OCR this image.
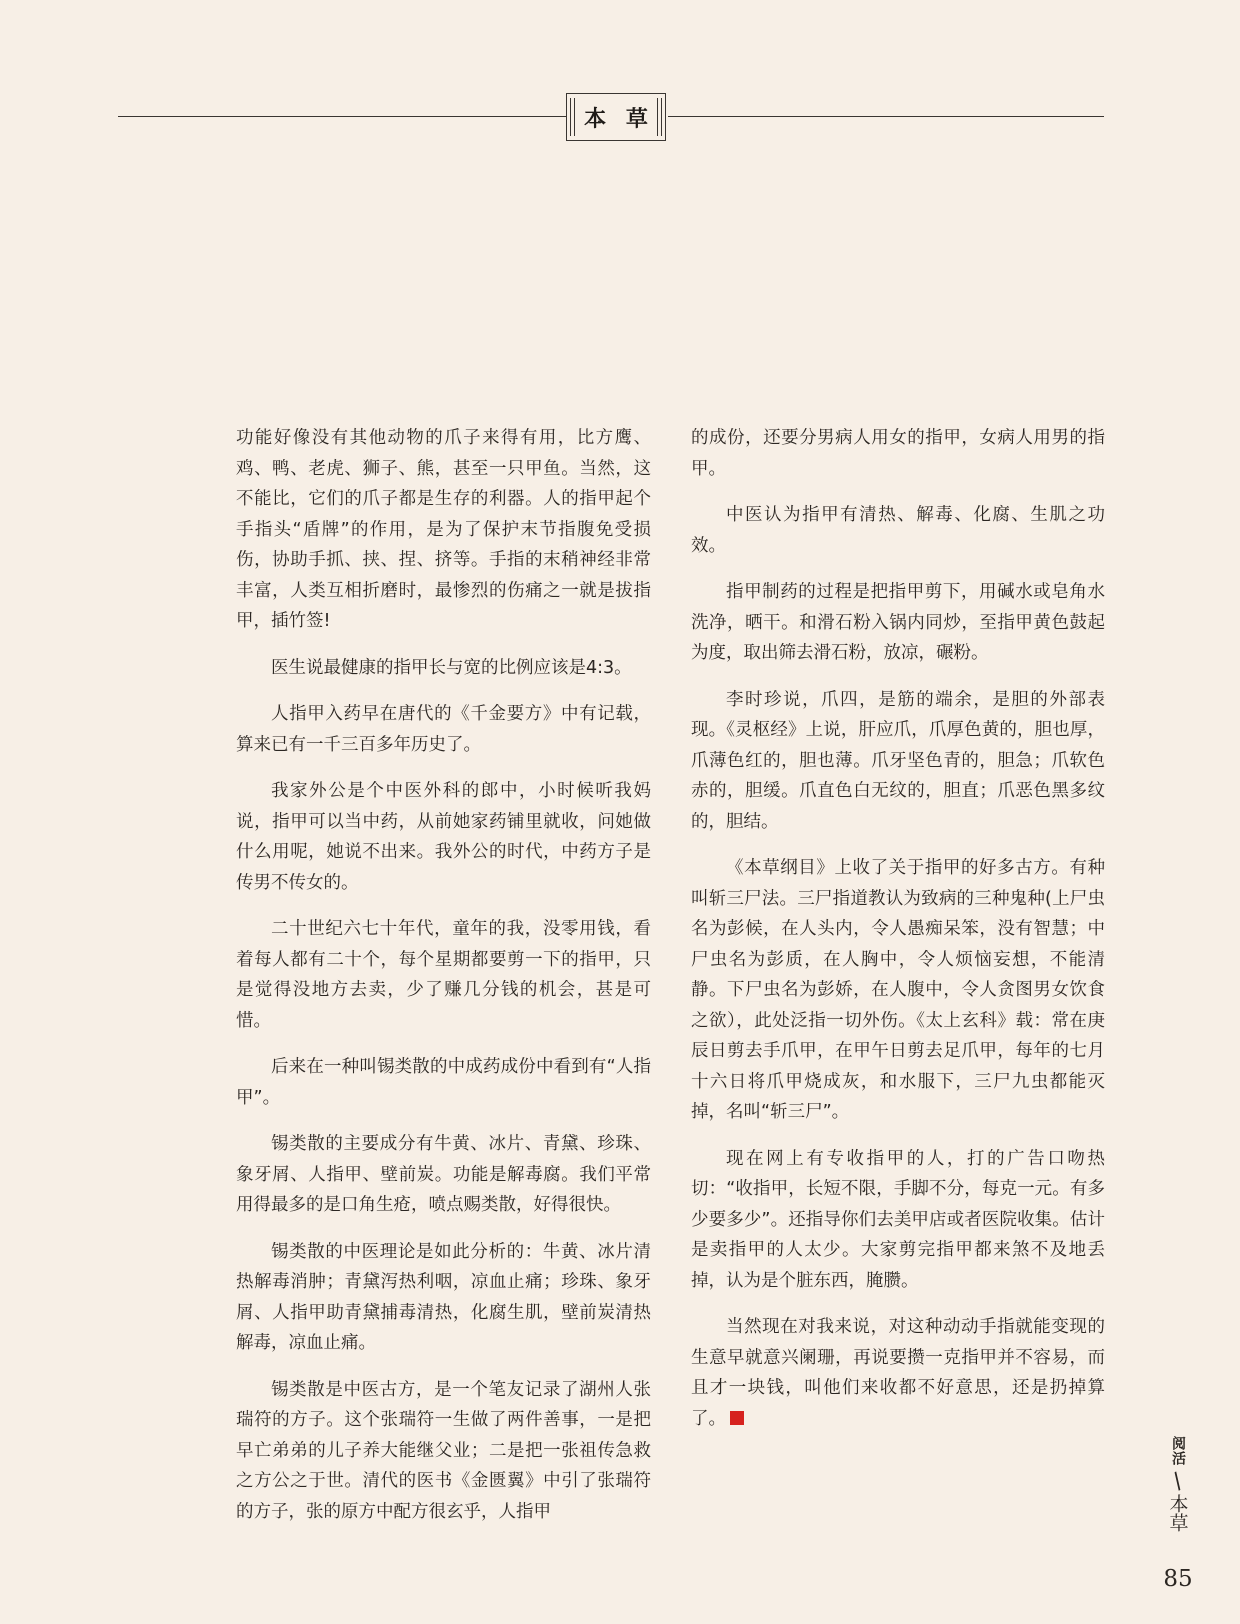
本 草

功能好像没有其他动物的爪子来得有用，比方鹰、鸡、鸭、老虎、狮子、熊，甚至一只甲鱼。当然，这不能比，它们的爪子都是生存的利器。人的指甲起个手指头“盾牌”的作用，是为了保护末节指腹免受损伤，协助手抓、挟、捏、挤等。手指的末稍神经非常丰富，人类互相折磨时，最惨烈的伤痛之一就是拔指甲，插竹签!

医生说最健康的指甲长与宽的比例应该是4:3。

人指甲入药早在唐代的《千金要方》中有记载，算来已有一千三百多年历史了。

我家外公是个中医外科的郎中，小时候听我妈说，指甲可以当中药，从前她家药铺里就收，问她做什么用呢，她说不出来。我外公的时代，中药方子是传男不传女的。

二十世纪六七十年代，童年的我，没零用钱，看着每人都有二十个，每个星期都要剪一下的指甲，只是觉得没地方去卖，少了赚几分钱的机会，甚是可惜。

后来在一种叫锡类散的中成药成份中看到有“人指甲”。

锡类散的主要成分有牛黄、冰片、青黛、珍珠、象牙屑、人指甲、壁前炭。功能是解毒腐。我们平常用得最多的是口角生疮，喷点赐类散，好得很快。

锡类散的中医理论是如此分析的：牛黄、冰片清热解毒消肿；青黛泻热利咽，凉血止痛；珍珠、象牙屑、人指甲助青黛捕毒清热，化腐生肌，壁前炭清热解毒，凉血止痛。

锡类散是中医古方，是一个笔友记录了湖州人张瑞符的方子。这个张瑞符一生做了两件善事，一是把早亡弟弟的儿子养大能继父业；二是把一张祖传急救之方公之于世。清代的医书《金匮翼》中引了张瑞符的方子，张的原方中配方很玄乎，人指甲

的成份，还要分男病人用女的指甲，女病人用男的指甲。

中医认为指甲有清热、解毒、化腐、生肌之功效。

指甲制药的过程是把指甲剪下，用碱水或皂角水洗净，晒干。和滑石粉入锅内同炒，至指甲黄色鼓起为度，取出筛去滑石粉，放凉，碾粉。

李时珍说，爪四，是筋的端余，是胆的外部表现。《灵枢经》上说，肝应爪，爪厚色黄的，胆也厚，爪薄色红的，胆也薄。爪牙坚色青的，胆急；爪软色赤的，胆缓。爪直色白无纹的，胆直；爪恶色黑多纹的，胆结。

《本草纲目》上收了关于指甲的好多古方。有种叫斩三尸法。三尸指道教认为致病的三种鬼种(上尸虫名为彭候，在人头内，令人愚痴呆笨，没有智慧；中尸虫名为彭质，在人胸中，令人烦恼妄想，不能清静。下尸虫名为彭娇，在人腹中，令人贪图男女饮食之欲），此处泛指一切外伤。《太上玄科》载：常在庚辰日剪去手爪甲，在甲午日剪去足爪甲，每年的七月十六日将爪甲烧成灰，和水服下，三尸九虫都能灭掉，名叫“斩三尸”。

现在网上有专收指甲的人，打的广告口吻热切：“收指甲，长短不限，手脚不分，每克一元。有多少要多少”。还指导你们去美甲店或者医院收集。估计是卖指甲的人太少。大家剪完指甲都来煞不及地丢掉，认为是个脏东西，腌臜。

当然现在对我来说，对这种动动手指就能变现的生意早就意兴阑珊，再说要攒一克指甲并不容易，而且才一块钱，叫他们来收都不好意思，还是扔掉算了。

阅活
/
本草
85
